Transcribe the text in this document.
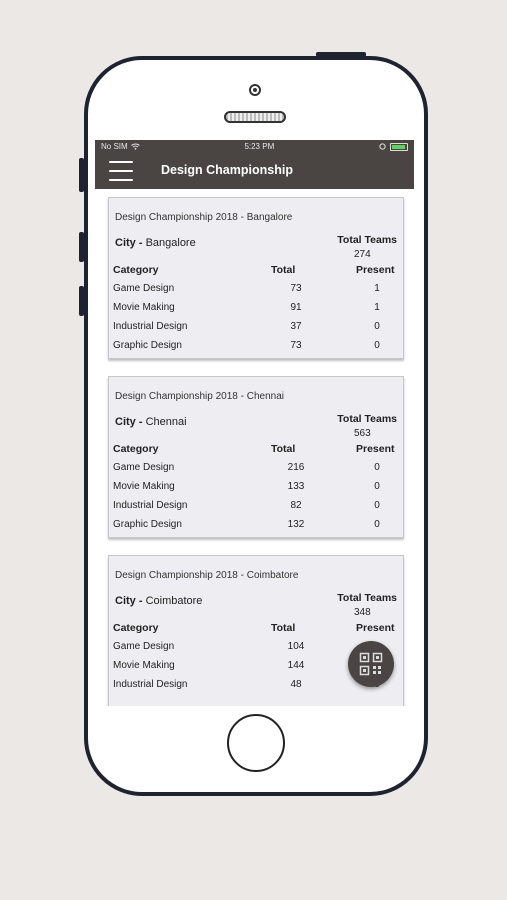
No SIM	5:23 PM
Design Championship
Design Championship 2018 - Bangalore
City - Bangalore	Total Teams
274
Category	Total	Present
Game Design	73	1
Movie Making	91	1
Industrial Design	37	0
Graphic Design	73	0
Design Championship 2018 - Chennai
City - Chennai	Total Teams
563
Category	Total	Present
Game Design	216	0
Movie Making	133	0
Industrial Design	82	0
Graphic Design	132	0
Design Championship 2018 - Coimbatore
City - Coimbatore	Total Teams
348
Category	Total	Present
Game Design	104
Movie Making	144
Industrial Design	48
